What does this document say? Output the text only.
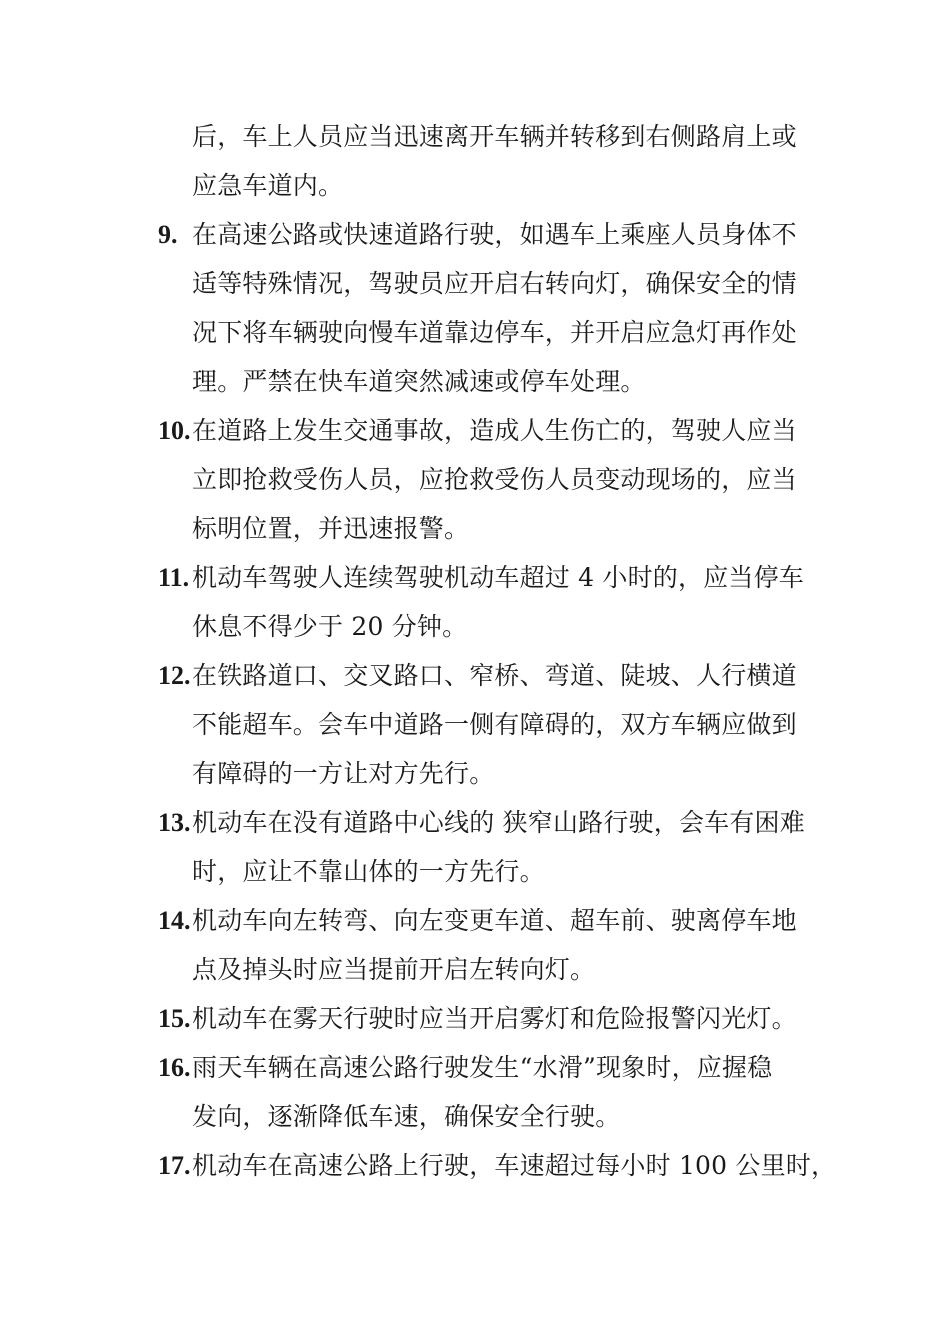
后，车上人员应当迅速离开车辆并转移到右侧路肩上或
应急车道内。
9. 在高速公路或快速道路行驶，如遇车上乘座人员身体不
适等特殊情况，驾驶员应开启右转向灯，确保安全的情
况下将车辆驶向慢车道靠边停车，并开启应急灯再作处
理。严禁在快车道突然减速或停车处理。
10. 在道路上发生交通事故，造成人生伤亡的，驾驶人应当
立即抢救受伤人员，应抢救受伤人员变动现场的，应当
标明位置，并迅速报警。
11. 机动车驾驶人连续驾驶机动车超过 4 小时的，应当停车
休息不得少于 20 分钟。
12. 在铁路道口、交叉路口、窄桥、弯道、陡坡、人行横道
不能超车。会车中道路一侧有障碍的，双方车辆应做到
有障碍的一方让对方先行。
13. 机动车在没有道路中心线的 狭窄山路行驶，会车有困难
时，应让不靠山体的一方先行。
14. 机动车向左转弯、向左变更车道、超车前、驶离停车地
点及掉头时应当提前开启左转向灯。
15. 机动车在雾天行驶时应当开启雾灯和危险报警闪光灯。
16. 雨天车辆在高速公路行驶发生“水滑”现象时，应握稳
发向，逐渐降低车速，确保安全行驶。
17. 机动车在高速公路上行驶，车速超过每小时 100 公里时，
